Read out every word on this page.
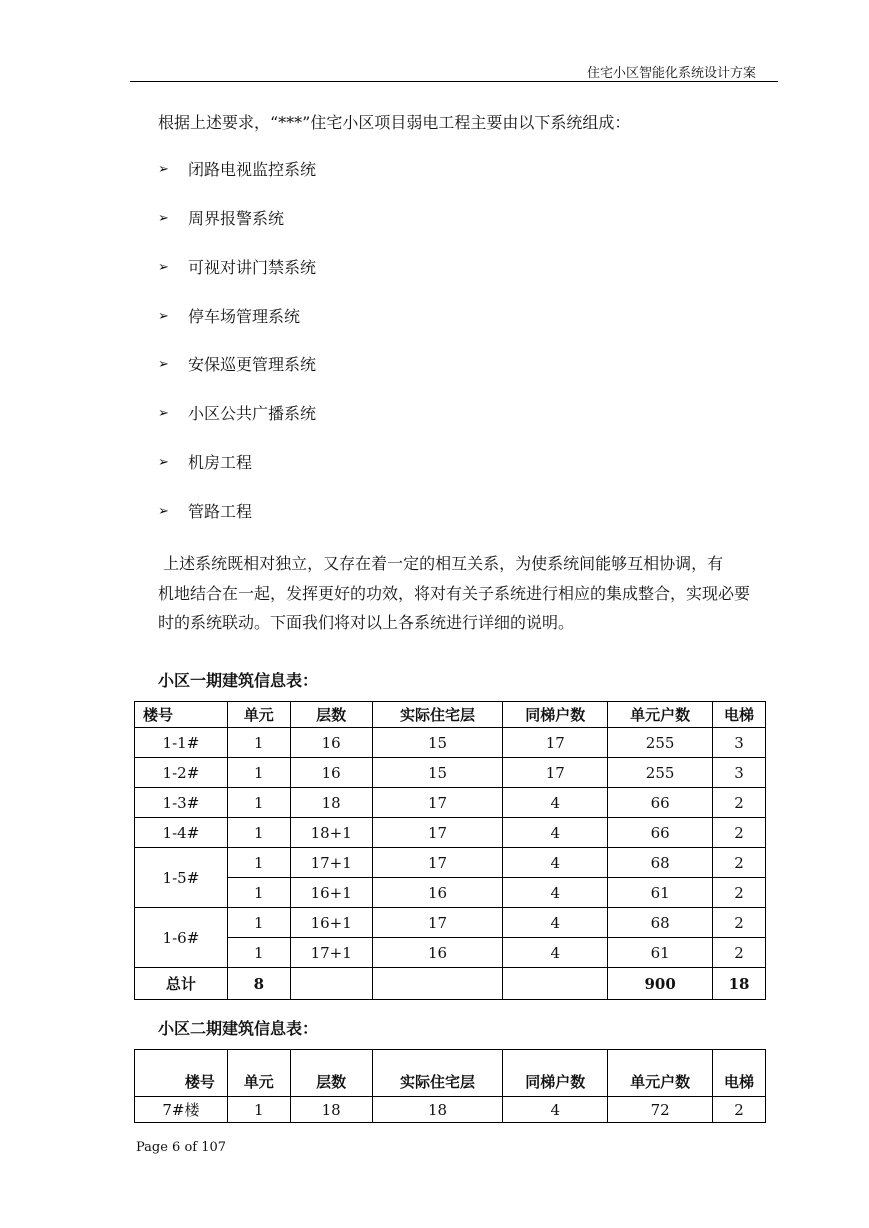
住宅小区智能化系统设计方案
根据上述要求，“***”住宅小区项目弱电工程主要由以下系统组成：
➢	闭路电视监控系统
➢	周界报警系统
➢	可视对讲门禁系统
➢	停车场管理系统
➢	安保巡更管理系统
➢	小区公共广播系统
➢	机房工程
➢	管路工程
上述系统既相对独立，又存在着一定的相互关系，为使系统间能够互相协调，有
机地结合在一起，发挥更好的功效，将对有关子系统进行相应的集成整合，实现必要
时的系统联动。下面我们将对以上各系统进行详细的说明。
小区一期建筑信息表：
楼号	单元	层数	实际住宅层	同梯户数	单元户数	电梯
1-1#	1	16	15	17	255	3
1-2#	1	16	15	17	255	3
1-3#	1	18	17	4	66	2
1-4#	1	18+1	17	4	66	2
1-5#	1	17+1	17	4	68	2
	1	16+1	16	4	61	2
1-6#	1	16+1	17	4	68	2
	1	17+1	16	4	61	2
总计	8				900	18
小区二期建筑信息表：
楼号	单元	层数	实际住宅层	同梯户数	单元户数	电梯
7#楼	1	18	18	4	72	2
Page 6 of 107
